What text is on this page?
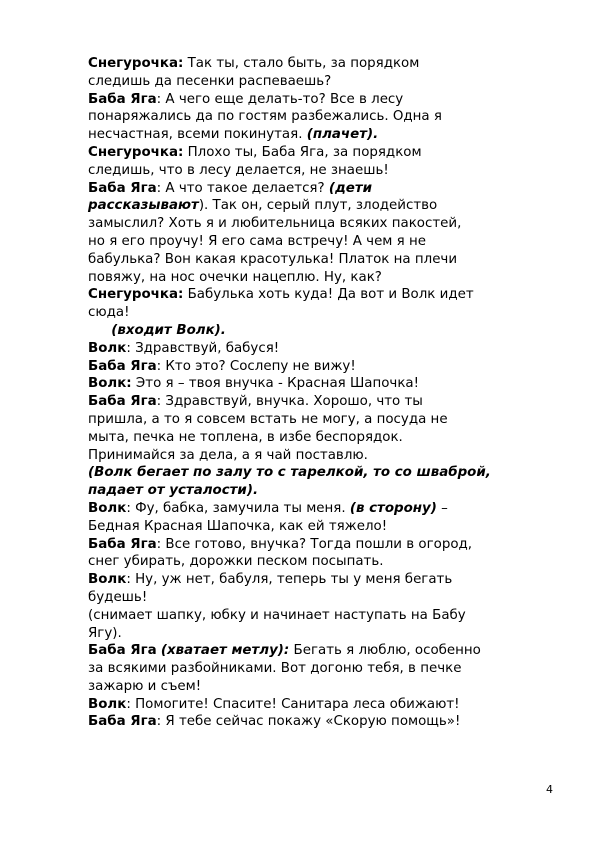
Снегурочка: Так ты, стало быть, за порядком
следишь да песенки распеваешь?
Баба Яга: А чего еще делать-то? Все в лесу
понаряжались да по гостям разбежались. Одна я
несчастная, всеми покинутая. (плачет).
Снегурочка: Плохо ты, Баба Яга, за порядком
следишь, что в лесу делается, не знаешь!
Баба Яга: А что такое делается? (дети
рассказывают). Так он, серый плут, злодейство
замыслил? Хоть я и любительница всяких пакостей,
но я его проучу! Я его сама встречу! А чем я не
бабулька? Вон какая красотулька! Платок на плечи
повяжу, на нос очечки нацеплю. Ну, как?
Снегурочка: Бабулька хоть куда! Да вот и Волк идет
сюда!
(входит Волк).
Волк: Здравствуй, бабуся!
Баба Яга: Кто это? Сослепу не вижу!
Волк: Это я – твоя внучка - Красная Шапочка!
Баба Яга: Здравствуй, внучка. Хорошо, что ты
пришла, а то я совсем встать не могу, а посуда не
мыта, печка не топлена, в избе беспорядок.
Принимайся за дела, а я чай поставлю.
(Волк бегает по залу то с тарелкой, то со шваброй,
падает от усталости).
Волк: Фу, бабка, замучила ты меня. (в сторону) –
Бедная Красная Шапочка, как ей тяжело!
Баба Яга: Все готово, внучка? Тогда пошли в огород,
снег убирать, дорожки песком посыпать.
Волк: Ну, уж нет, бабуля, теперь ты у меня бегать
будешь!
(снимает шапку, юбку и начинает наступать на Бабу
Ягу).
Баба Яга (хватает метлу): Бегать я люблю, особенно
за всякими разбойниками. Вот догоню тебя, в печке
зажарю и съем!
Волк: Помогите! Спасите! Санитара леса обижают!
Баба Яга: Я тебе сейчас покажу «Скорую помощь»!
4
